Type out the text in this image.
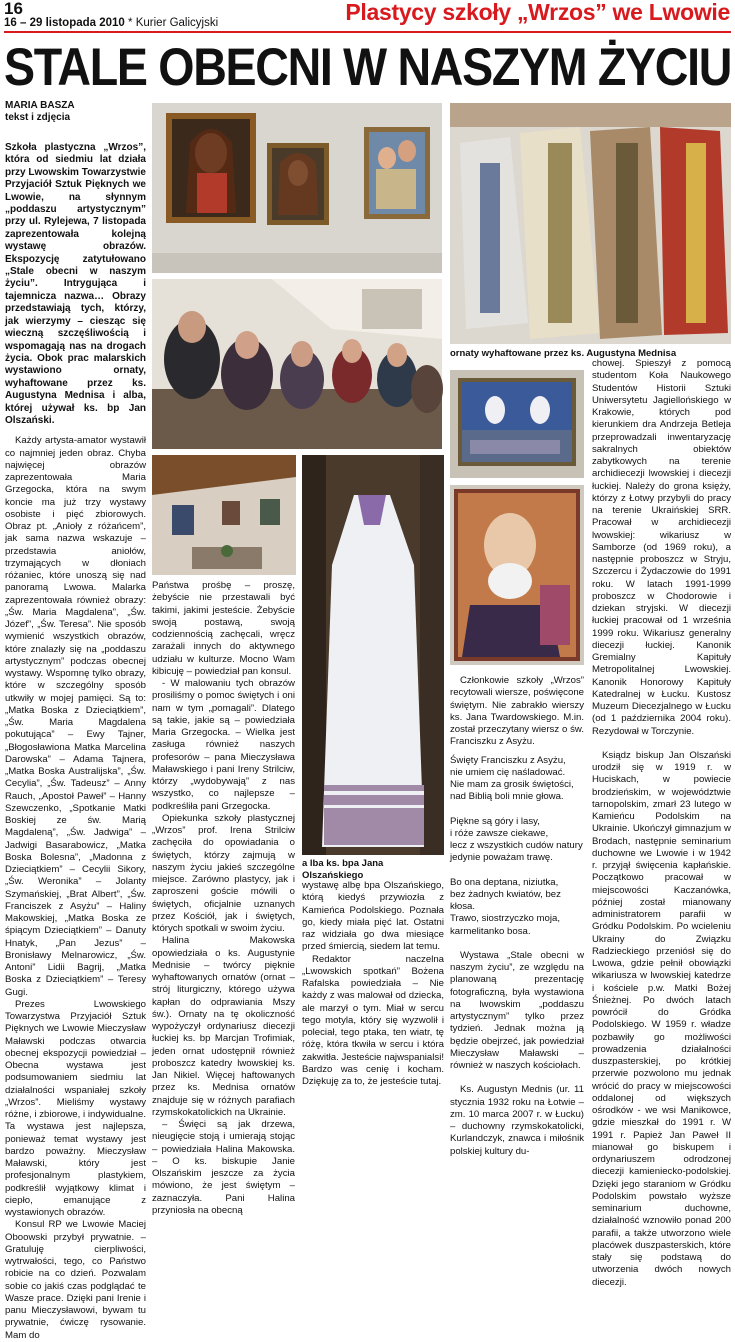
16
16 – 29 listopada 2010 * Kurier Galicyjski	Plastycy szkoły „Wrzos” we Lwowie
STALE OBECNI W NASZYM ŻYCIU
MARIA BASZA
tekst i zdjęcia
Szkoła plastyczna „Wrzos”, która od siedmiu lat działa przy Lwowskim Towarzystwie Przyjaciół Sztuk Pięknych we Lwowie, na słynnym „poddaszu artystycznym” przy ul. Rylejewa, 7 listopada zaprezentowała kolejną wystawę obrazów. Ekspozycję zatytułowano „Stale obecni w naszym życiu”. Intrygująca i tajemnicza nazwa… Obrazy przedstawiają tych, którzy, jak wierzymy – ciesząc się wieczną szczęśliwością i wspomagają nas na drogach życia. Obok prac malarskich wystawiono ornaty, wyhaftowane przez ks. Augustyna Mednisa i alba, której używał ks. bp Jan Olszański.

Każdy artysta-amator wystawił co najmniej jeden obraz. Chyba najwięcej obrazów zaprezentowała Maria Grzegocka, która na swym koncie ma już trzy wystawy osobiste i pięć zbiorowych. Obraz pt. „Anioły z różańcem”, jak sama nazwa wskazuje – przedstawia aniołów, trzymających w dłoniach różaniec, które unoszą się nad panoramą Lwowa. Malarka zaprezentowała również obrazy: „Św. Maria Magdalena”, „Św. Józef”, „Św. Teresa”. Nie sposób wymienić wszystkich obrazów, które znalazły się na „poddaszu artystycznym” podczas obecnej wystawy. Wspomnę tylko obrazy, które w szczególny sposób utkwiły w mojej pamięci. Są to: „Matka Boska z Dzieciątkiem”, „Św. Maria Magdalena pokutująca” – Ewy Tajner, „Błogosławiona Matka Marcelina Darowska” – Adama Tajnera, „Matka Boska Australijska”, „Św. Cecylia”, „Św. Tadeusz” – Anny Rauch, „Apostoł Paweł” – Hanny Szewczenko, „Spotkanie Matki Boskiej ze św. Marią Magdaleną”, „Św. Jadwiga” – Jadwigi Basarabowicz, „Matka Boska Bolesna”, „Madonna z Dzieciątkiem” – Cecylii Sikory, „Św. Weronika” – Jolanty Szymańskiej, „Brat Albert”, „Św. Franciszek z Asyżu” – Haliny Makowskiej, „Matka Boska ze śpiącym Dzieciątkiem” – Danuty Hnatyk, „Pan Jezus” – Bronisławy Melnarowicz, „Św. Antoni” Lidii Bagrij, „Matka Boska z Dzieciątkiem” – Teresy Gugi.

Prezes Lwowskiego Towarzystwa Przyjaciół Sztuk Pięknych we Lwowie Mieczysław Maławski podczas otwarcia obecnej ekspozycji powiedział – Obecna wystawa jest podsumowaniem siedmiu lat działalności wspaniałej szkoły „Wrzos”. Mieliśmy wystawy różne, i zbiorowe, i indywidualne. Ta wystawa jest najlepsza, ponieważ temat wystawy jest bardzo poważny. Mieczysław Maławski, który jest profesjonalnym plastykiem, podkreślił wyjątkowy klimat i ciepło, emanujące z wystawionych obrazów.

Konsul RP we Lwowie Maciej Oboowski przybył prywatnie. – Gratuluję cierpliwości, wytrwałości, tego, co Państwo robicie na co dzień. Pozwalam sobie co jakiś czas podglądać te Wasze prace. Dzięki pani Irenie i panu Mieczysławowi, bywam tu prywatnie, ćwiczę rysowanie. Mam do

Państwa prośbę – proszę, żebyście nie przestawali być takimi, jakimi jesteście. Żebyście swoją postawą, swoją codziennością zachęcali, wręcz zarażali innych do aktywnego udziału w kulturze. Mocno Wam kibicuję – powiedział pan konsul.

- W malowaniu tych obrazów prosiliśmy o pomoc świętych i oni nam w tym „pomagali”. Dlatego są takie, jakie są – powiedziała Maria Grzegocka. – Wielka jest zasługa również naszych profesorów – pana Mieczysława Maławskiego i pani Ireny Strilciw, którzy „wydobywają” z nas wszystko, co najlepsze – podkreśliła pani Grzegocka.

Opiekunka szkoły plastycznej „Wrzos” prof. Irena Strilciw zachęciła do opowiadania o świętych, którzy zajmują w naszym życiu jakieś szczególne miejsce. Zarówno plastycy, jak i zaproszeni goście mówili o świętych, oficjalnie uznanych przez Kościół, jak i świętych, których spotkali w swoim życiu.

Halina Makowska opowiedziała o ks. Augustynie Mednisie – twórcy pięknie wyhaftowanych ornatów (ornat – strój liturgiczny, którego używa kapłan do odprawiania Mszy św.). Ornaty na tę okoliczność wypożyczył ordynariusz diecezji łuckiej ks. bp Marcjan Trofimiak, jeden ornat udostępnił również proboszcz katedry lwowskiej ks. Jan Nikiel. Więcej haftowanych przez ks. Mednisa ornatów znajduje się w różnych parafiach rzymskokatolickich na Ukrainie.

– Święci są jak drzewa, nieugięcie stoją i umierają stojąc – powiedziała Halina Makowska. – O ks. biskupie Janie Olszańskim jeszcze za życia mówiono, że jest świętym – zaznaczyła. Pani Halina przyniosła na obecną

a lba ks. bpa Jana Olszańskiego

wystawę albę bpa Olszańskiego, którą kiedyś przywiozła z Kamieńca Podolskiego. Poznała go, kiedy miała pięć lat. Ostatni raz widziała go dwa miesiące przed śmiercią, siedem lat temu.

Redaktor naczelna „Lwowskich spotkań” Bożena Rafalska powiedziała – Nie każdy z was malował od dziecka, ale marzył o tym. Miał w sercu tego motyla, który się wyzwolił i poleciał, tego ptaka, ten wiatr, tę różę, która tkwiła w sercu i która zakwitła. Jesteście najwspanialsi! Bardzo was cenię i kocham. Dziękuję za to, że jesteście tutaj.

ornaty wyhaftowane przez ks. Augustyna Mednisa

Członkowie szkoły „Wrzos” recytowali wiersze, poświęcone świętym. Nie zabrakło wierszy ks. Jana Twardowskiego. M.in. został przeczytany wiersz o św. Franciszku z Asyżu.

Święty Franciszku z Asyżu,

nie umiem cię naśladować.

Nie mam za grosik świętości,

nad Biblią boli mnie głowa.

Piękne są góry i lasy,

i róże zawsze ciekawe,

lecz z wszystkich cudów natury

jedynie poważam trawę.

Bo ona deptana, niziutka,

bez żadnych kwiatów, bez kłosa.

Trawo, siostrzyczko moja,

karmelitanko bosa.

Wystawa „Stale obecni w naszym życiu”, ze względu na planowaną prezentację fotograficzną, była wystawiona na lwowskim „poddaszu artystycznym” tylko przez tydzień. Jednak można ją będzie obejrzeć, jak powiedział Mieczysław Maławski – również w naszych kościołach.

Ks. Augustyn Mednis (ur. 11 stycznia 1932 roku na Łotwie – zm. 10 marca 2007 r. w Łucku) – duchowny rzymskokatolicki, Kurlandczyk, znawca i miłośnik polskiej kultury du-

chowej. Spieszył z pomocą studentom Koła Naukowego Studentów Historii Sztuki Uniwersytetu Jagiellońskiego w Krakowie, których pod kierunkiem dra Andrzeja Betleja przeprowadzali inwentaryzację sakralnych obiektów zabytkowych na terenie archidiecezji lwowskiej i diecezji łuckiej. Należy do grona księży, którzy z Łotwy przybyli do pracy na terenie Ukraińskiej SRR. Pracował w archidiecezji lwowskiej: wikariusz w Samborze (od 1969 roku), a następnie proboszcz w Stryju, Szczercu i Żydaczowie do 1991 roku. W latach 1991-1999 proboszcz w Chodorowie i dziekan stryjski. W diecezji łuckiej pracował od 1 września 1999 roku. Wikariusz generalny diecezji łuckiej. Kanonik Gremialny Kapituły Metropolitalnej Lwowskiej. Kanonik Honorowy Kapituły Katedralnej w Łucku. Kustosz Muzeum Diecezjalnego w Łucku (od 1 października 2004 roku). Rezydował w Torczynie.

Ksiądz biskup Jan Olszański urodził się w 1919 r. w Huciskach, w powiecie brodzieńskim, w województwie tarnopolskim, zmarł 23 lutego w Kamieńcu Podolskim na Ukrainie. Ukończył gimnazjum w Brodach, następnie seminarium duchowne we Lwowie i w 1942 r. przyjął święcenia kapłańskie. Początkowo pracował w miejscowości Kaczanówka, później został mianowany administratorem parafii w Gródku Podolskim. Po wcieleniu Ukrainy do Związku Radzieckiego przeniósł się do Lwowa, gdzie pełnił obowiązki wikariusza w lwowskiej katedrze i kościele p.w. Matki Bożej Śnieżnej. Po dwóch latach powrócił do Gródka Podolskiego. W 1959 r. władze pozbawiły go możliwości prowadzenia działalności duszpasterskiej, po krótkiej przerwie pozwolono mu jednak wrócić do pracy w miejscowości oddalonej od większych ośrodków - we wsi Manikowce, gdzie mieszkał do 1991 r. W 1991 r. Papież Jan Paweł II mianował go biskupem i ordynariuszem odrodzonej diecezji kamieniecko-podolskiej. Dzięki jego staraniom w Gródku Podolskim powstało wyższe seminarium duchowne, działalność wznowiło ponad 200 parafii, a także utworzono wiele placówek duszpasterskich, które stały się podstawą do utworzenia dwóch nowych diecezji.
